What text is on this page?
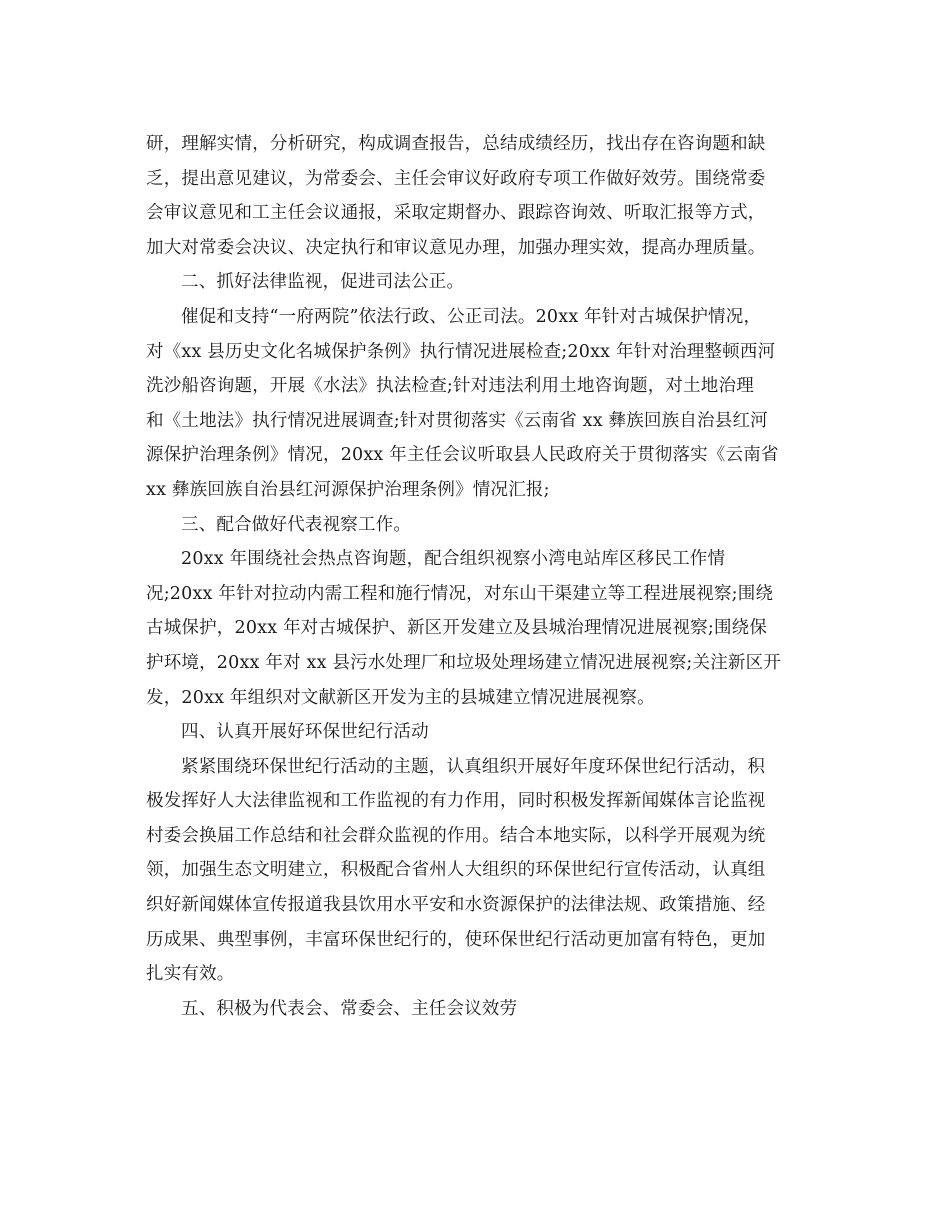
研，理解实情，分析研究，构成调查报告，总结成绩经历，找出存在咨询题和缺
乏，提出意见建议，为常委会、主任会审议好政府专项工作做好效劳。围绕常委
会审议意见和工主任会议通报，采取定期督办、跟踪咨询效、听取汇报等方式，
加大对常委会决议、决定执行和审议意见办理，加强办理实效，提高办理质量。
二、抓好法律监视，促进司法公正。
催促和支持“一府两院”依法行政、公正司法。20xx 年针对古城保护情况，
对《xx 县历史文化名城保护条例》执行情况进展检查;20xx 年针对治理整顿西河
洗沙船咨询题，开展《水法》执法检查;针对违法利用土地咨询题，对土地治理
和《土地法》执行情况进展调查;针对贯彻落实《云南省 xx 彝族回族自治县红河
源保护治理条例》情况，20xx 年主任会议听取县人民政府关于贯彻落实《云南省
xx 彝族回族自治县红河源保护治理条例》情况汇报;
三、配合做好代表视察工作。
20xx 年围绕社会热点咨询题，配合组织视察小湾电站库区移民工作情
况;20xx 年针对拉动内需工程和施行情况，对东山干渠建立等工程进展视察;围绕
古城保护，20xx 年对古城保护、新区开发建立及县城治理情况进展视察;围绕保
护环境，20xx 年对 xx 县污水处理厂和垃圾处理场建立情况进展视察;关注新区开
发，20xx 年组织对文献新区开发为主的县城建立情况进展视察。
四、认真开展好环保世纪行活动
紧紧围绕环保世纪行活动的主题，认真组织开展好年度环保世纪行活动，积
极发挥好人大法律监视和工作监视的有力作用，同时积极发挥新闻媒体言论监视
村委会换届工作总结和社会群众监视的作用。结合本地实际，以科学开展观为统
领，加强生态文明建立，积极配合省州人大组织的环保世纪行宣传活动，认真组
织好新闻媒体宣传报道我县饮用水平安和水资源保护的法律法规、政策措施、经
历成果、典型事例，丰富环保世纪行的，使环保世纪行活动更加富有特色，更加
扎实有效。
五、积极为代表会、常委会、主任会议效劳
